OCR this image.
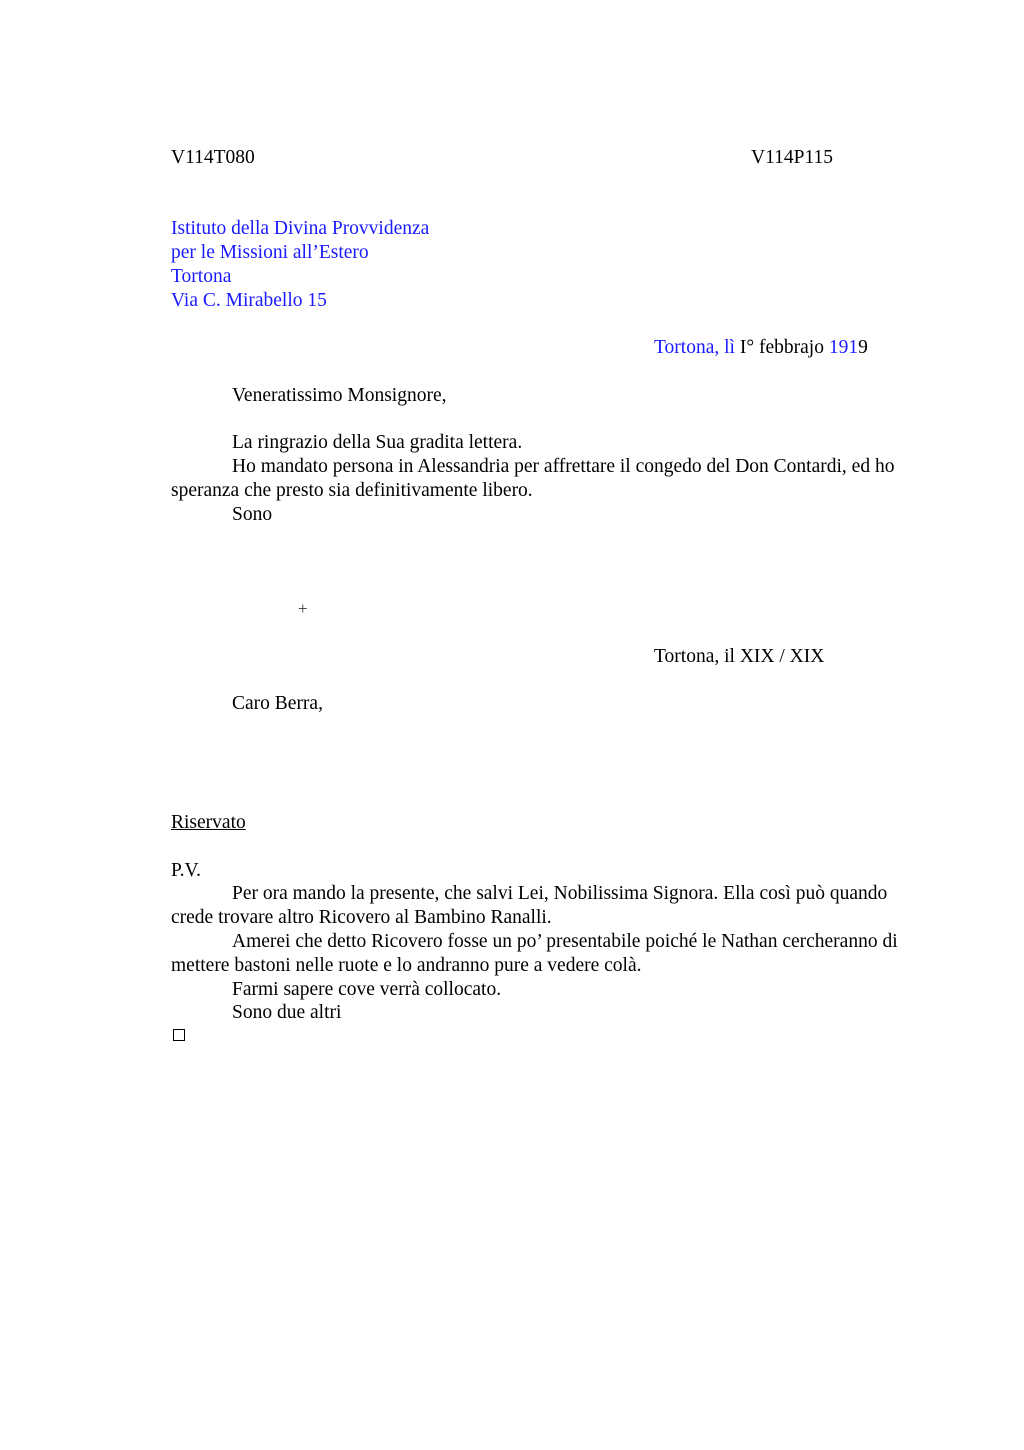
V114T080	V114P115
Istituto della Divina Provvidenza
per le Missioni all’Estero
Tortona
Via C. Mirabello 15
Tortona, lì I° febbrajo 1919
Veneratissimo Monsignore,

La ringrazio della Sua gradita lettera.

Ho mandato persona in Alessandria per affrettare il congedo del Don Contardi, ed ho speranza che presto sia definitivamente libero.

Sono

+
Tortona, il XIX / XIX
Caro Berra,
Riservato
P.V.

Per ora mando la presente, che salvi Lei, Nobilissima Signora. Ella così può quando crede trovare altro Ricovero al Bambino Ranalli.

Amerei che detto Ricovero fosse un po’ presentabile poiché le Nathan cercheranno di mettere bastoni nelle ruote e lo andranno pure a vedere colà.

Farmi sapere cove verrà collocato.

Sono due altri
